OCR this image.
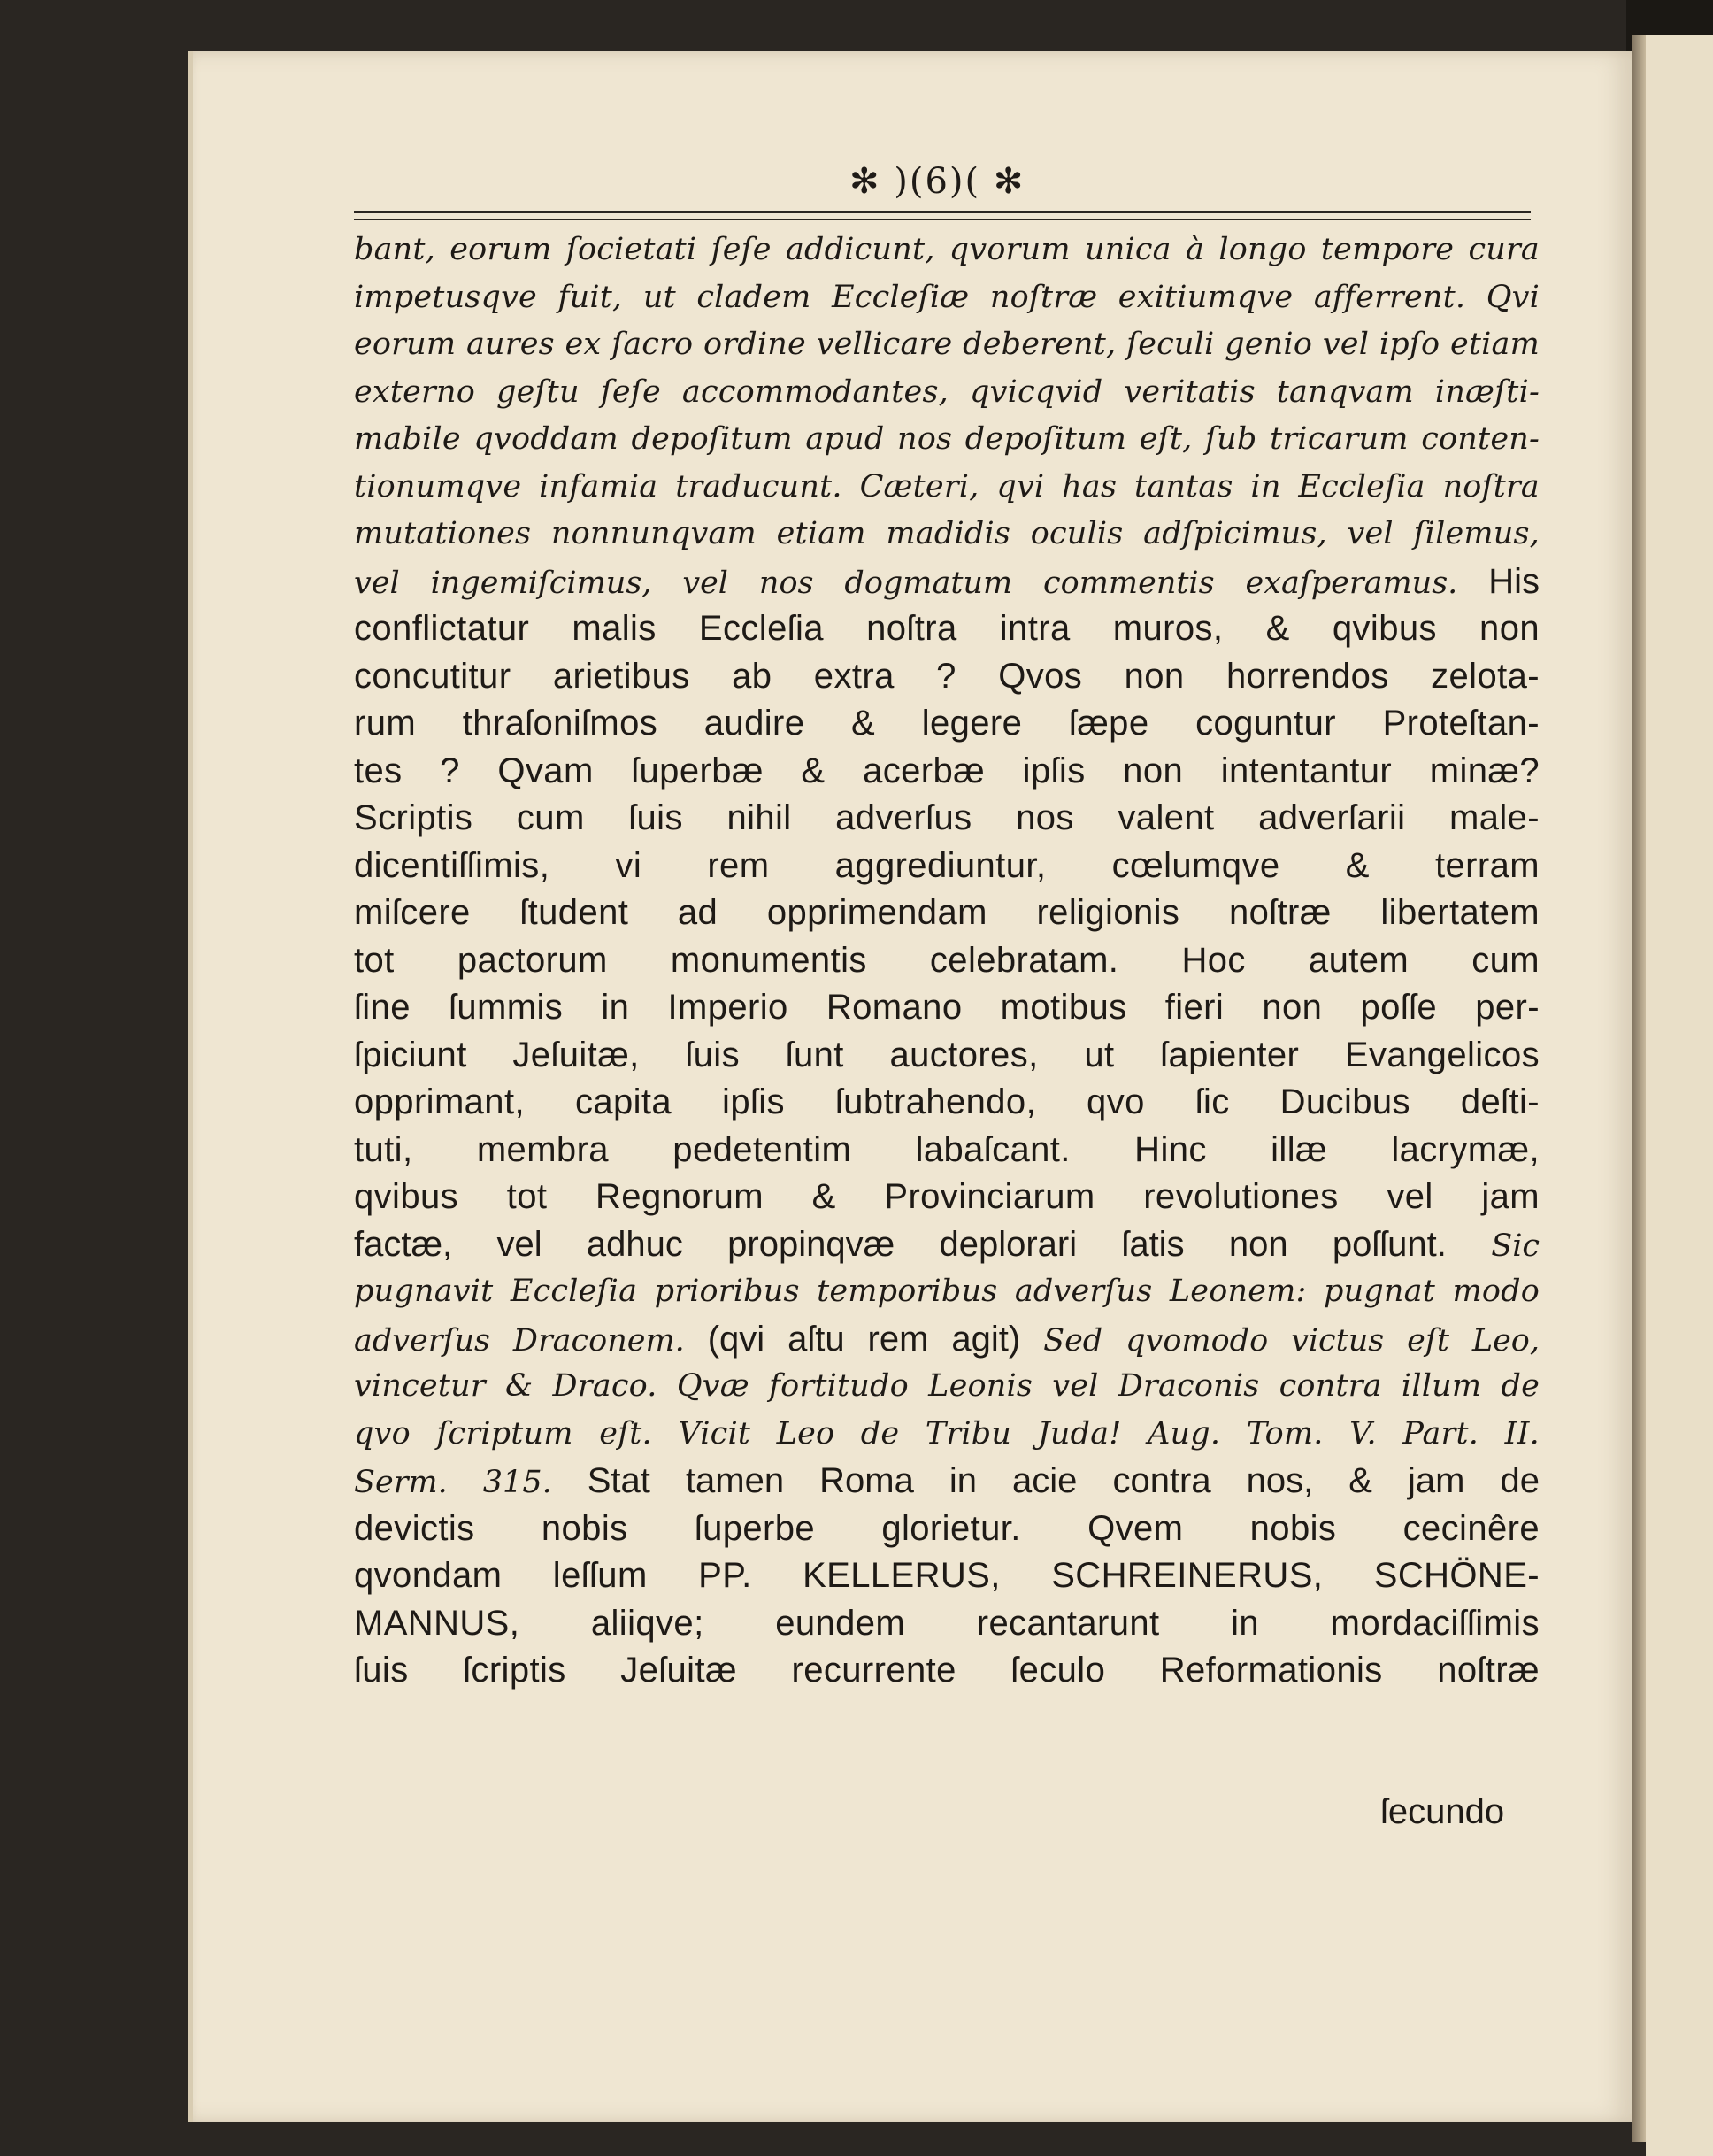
✻ )(6)( ✻
bant, eorum ſocietati ſeſe addicunt, qvorum unica à longo tempore cura
impetusqve fuit, ut cladem Eccleſiæ noſtræ exitiumqve afferrent. Qvi
eorum aures ex ſacro ordine vellicare deberent, ſeculi genio vel ipſo etiam
externo geſtu ſeſe accommodantes, qvicqvid veritatis tanqvam inæſti-
mabile qvoddam depoſitum apud nos depoſitum eſt, ſub tricarum conten-
tionumqve infamia traducunt. Cæteri, qvi has tantas in Eccleſia noſtra
mutationes nonnunqvam etiam madidis oculis adſpicimus, vel ſilemus,
vel ingemiſcimus, vel nos dogmatum commentis exaſperamus. His
conflictatur malis Eccleſia noſtra intra muros, & qvibus non
concutitur arietibus ab extra ? Qvos non horrendos zelota-
rum thraſoniſmos audire & legere ſæpe coguntur Proteſtan-
tes ? Qvam ſuperbæ & acerbæ ipſis non intentantur minæ?
Scriptis cum ſuis nihil adverſus nos valent adverſarii male-
dicentiſſimis, vi rem aggrediuntur, cœlumqve & terram
miſcere ſtudent ad opprimendam religionis noſtræ libertatem
tot pactorum monumentis celebratam. Hoc autem cum
ſine ſummis in Imperio Romano motibus fieri non poſſe per-
ſpiciunt Jeſuitæ, ſuis ſunt auctores, ut ſapienter Evangelicos
opprimant, capita ipſis ſubtrahendo, qvo ſic Ducibus deſti-
tuti, membra pedetentim labaſcant. Hinc illæ lacrymæ,
qvibus tot Regnorum & Provinciarum revolutiones vel jam
factæ, vel adhuc propinqvæ deplorari ſatis non poſſunt. Sic
pugnavit Eccleſia prioribus temporibus adverſus Leonem: pugnat modo
adverſus Draconem. (qvi aſtu rem agit) Sed qvomodo victus eſt Leo,
vincetur & Draco. Qvæ fortitudo Leonis vel Draconis contra illum de
qvo ſcriptum eſt. Vicit Leo de Tribu Juda! Aug. Tom. V. Part. II.
Serm. 315. Stat tamen Roma in acie contra nos, & jam de
devictis nobis ſuperbe glorietur. Qvem nobis cecinêre
qvondam leſſum PP. KELLERUS, SCHREINERUS, SCHÖNE-
MANNUS, aliiqve; eundem recantarunt in mordaciſſimis
ſuis ſcriptis Jeſuitæ recurrente ſeculo Reformationis noſtræ
ſecundo
